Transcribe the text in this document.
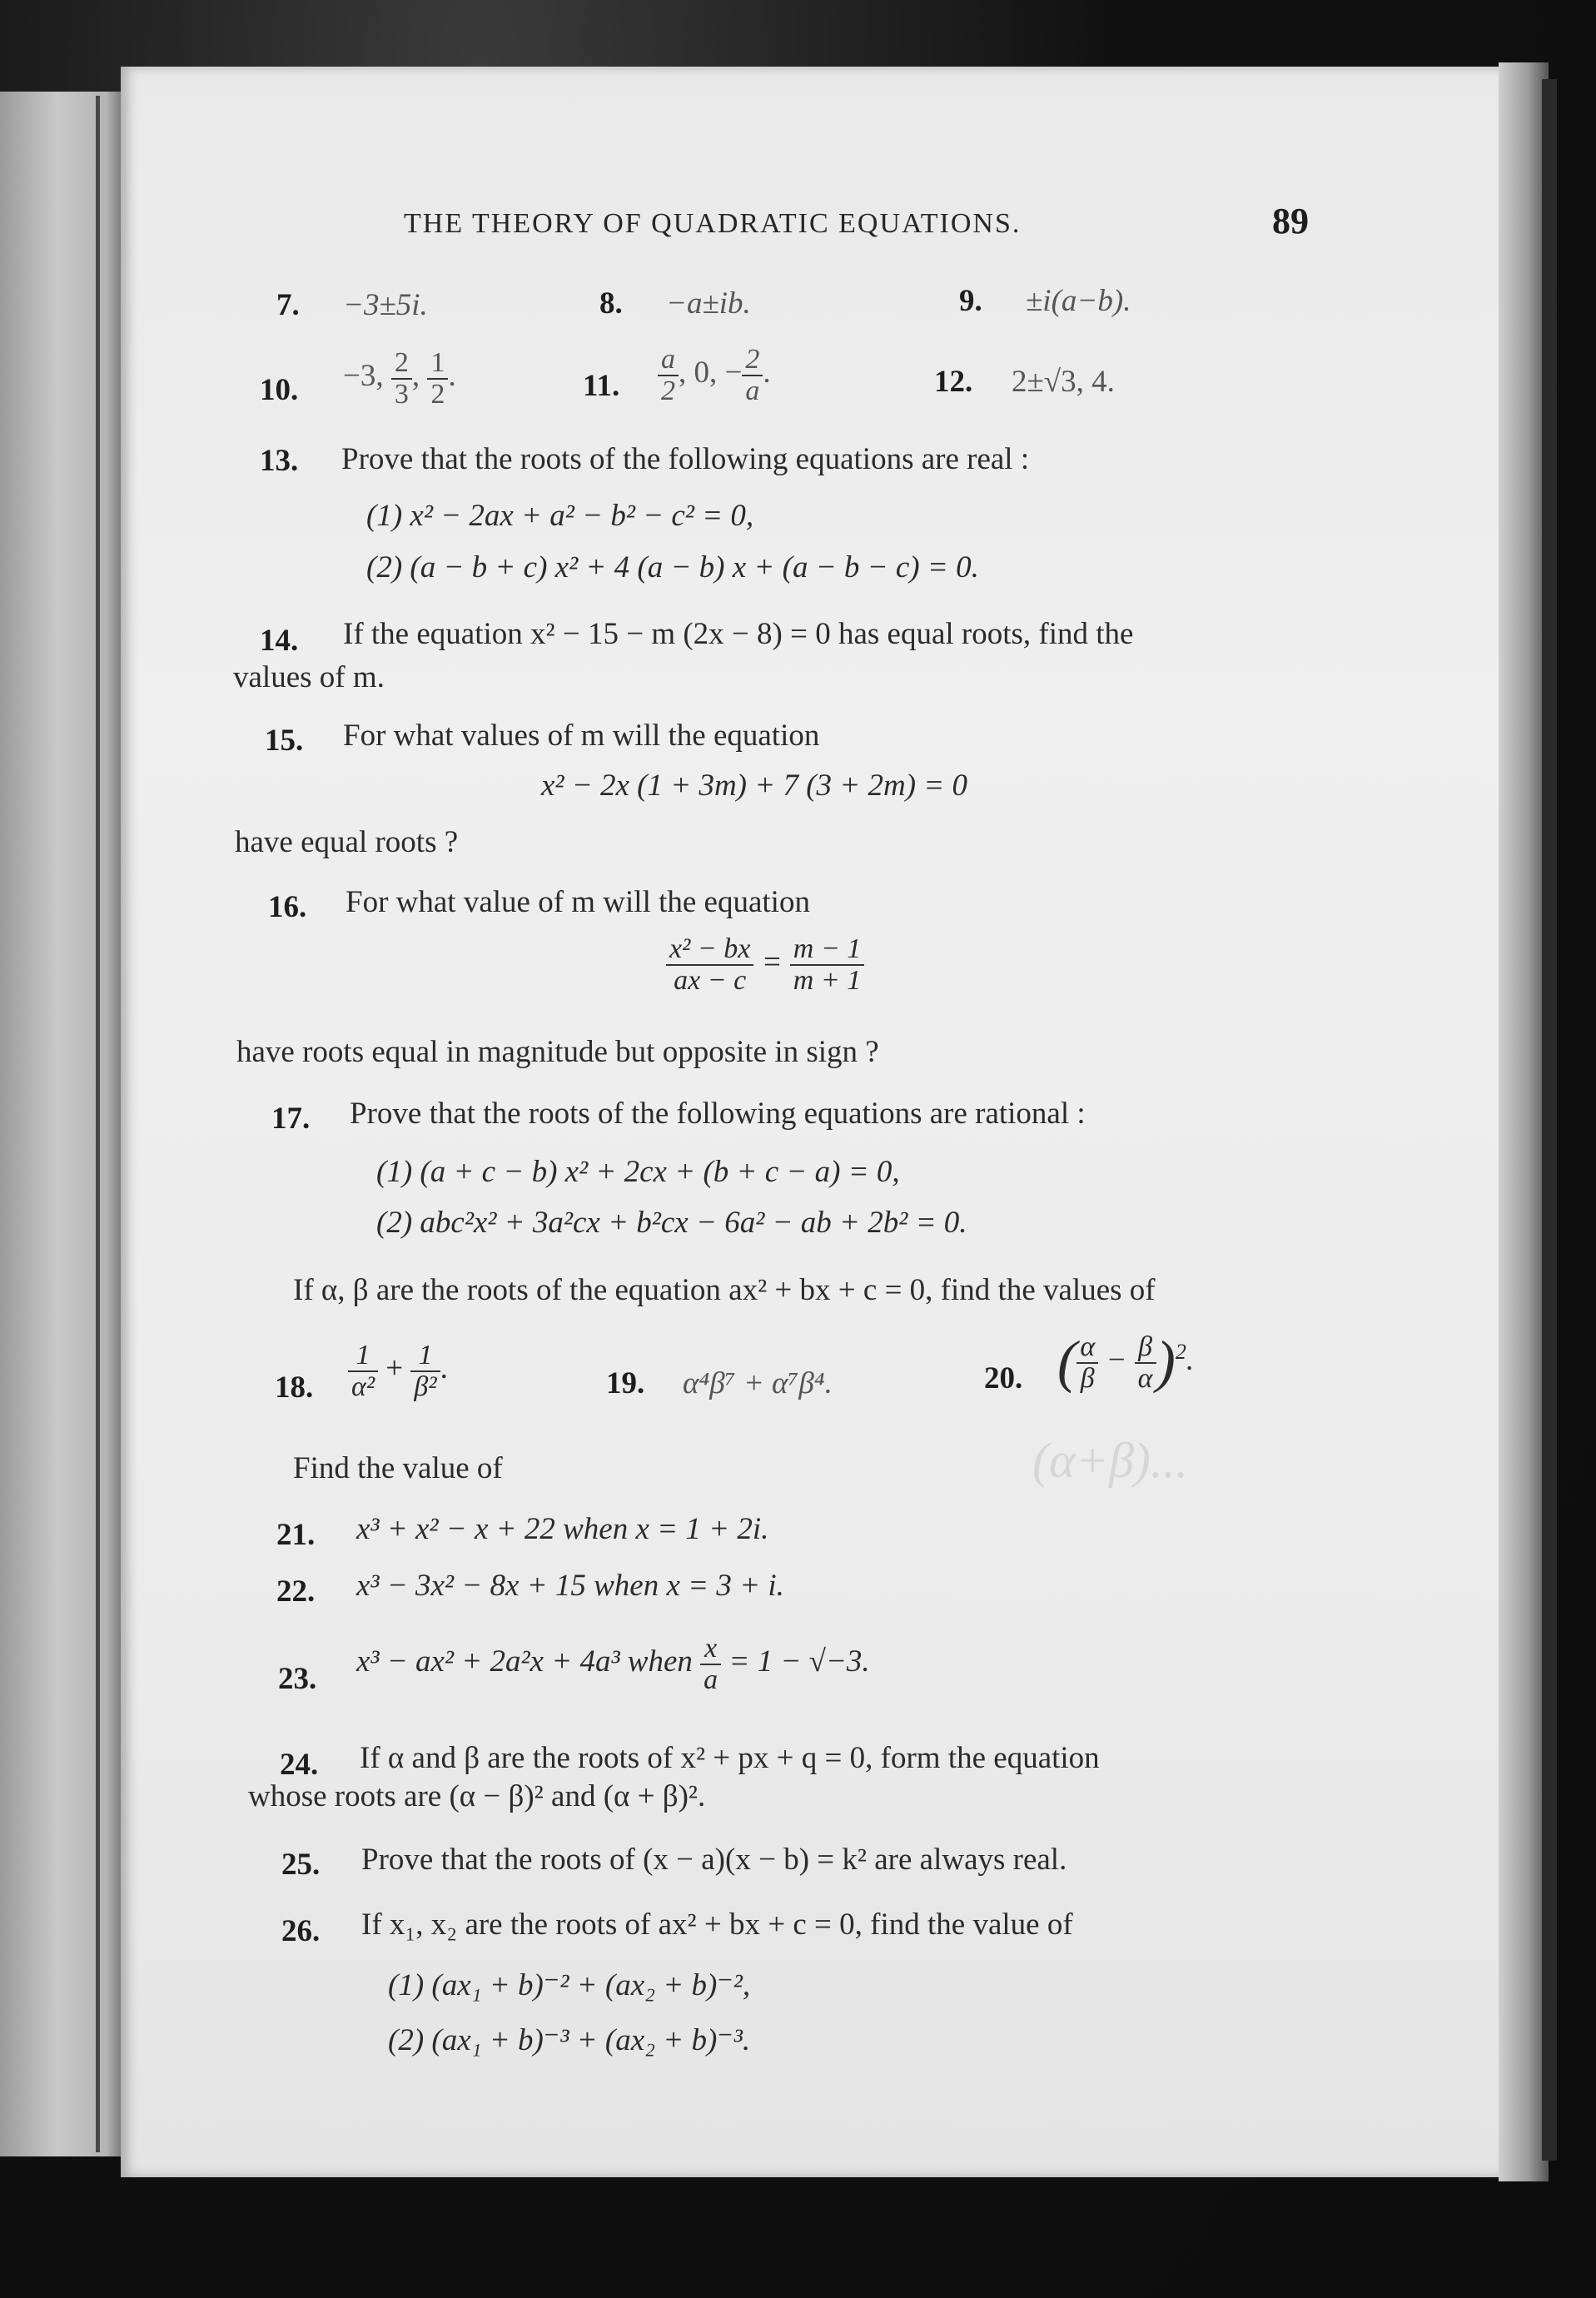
THE THEORY OF QUADRATIC EQUATIONS.	89
7. −3±5i.	8. −a±ib.	9. ±i(a−b).
10. −3, $\frac{2}{3}$ , $\frac{1}{2}$ .	11. $\frac{a}{2}$ , 0, − $\frac{2}{a}$ .	12. 2±√3, 4.
13. Prove that the roots of the following equations are real :
(1) x² − 2ax + a² − b² − c² = 0,
(2) (a − b + c) x² + 4 (a − b) x + (a − b − c) = 0.
14. If the equation x² − 15 − m (2x − 8) = 0 has equal roots, find the
values of m.
15. For what values of m will the equation
x² − 2x (1 + 3m) + 7 (3 + 2m) = 0
have equal roots ?
16. For what value of m will the equation
$\frac{\text{x² − bx}}{ax - c} = \frac{m - 1}{m + 1}$
have roots equal in magnitude but opposite in sign ?
17. Prove that the roots of the following equations are rational :
(1) (a + c − b) x² + 2cx + (b + c − a) = 0,
(2) abc²x² + 3a²cx + b²cx − 6a² − ab + 2b² = 0.
If α, β are the roots of the equation ax² + bx + c = 0, find the values of
18. $\frac{1}{\text{α²}} + \frac{1}{\text{β²}}$ .	19. α⁴β⁷ + α⁷β⁴.	20. ( $\frac{\alpha}{\beta} - \frac{\beta}{\alpha} )^2$.
Find the value of	(α+β)...
21. x³ + x² − x + 22 when x = 1 + 2i.
22. x³ − 3x² − 8x + 15 when x = 3 + i.
23.
x³ − ax² + 2a²x + 4a³ when $\frac{x}{a} = 1 - √-3$.
24. If α and β are the roots of x² + px + q = 0, form the equation
whose roots are (α − β)² and (α + β)².
25. Prove that the roots of (x − a)(x − b) = k² are always real.
26. If x₁, x₂ are the roots of ax² + bx + c = 0, find the value of
(1) (ax₁ + b)⁻² + (ax₂ + b)⁻²,
(2) (ax₁ + b)⁻³ + (ax₂ + b)⁻³.
